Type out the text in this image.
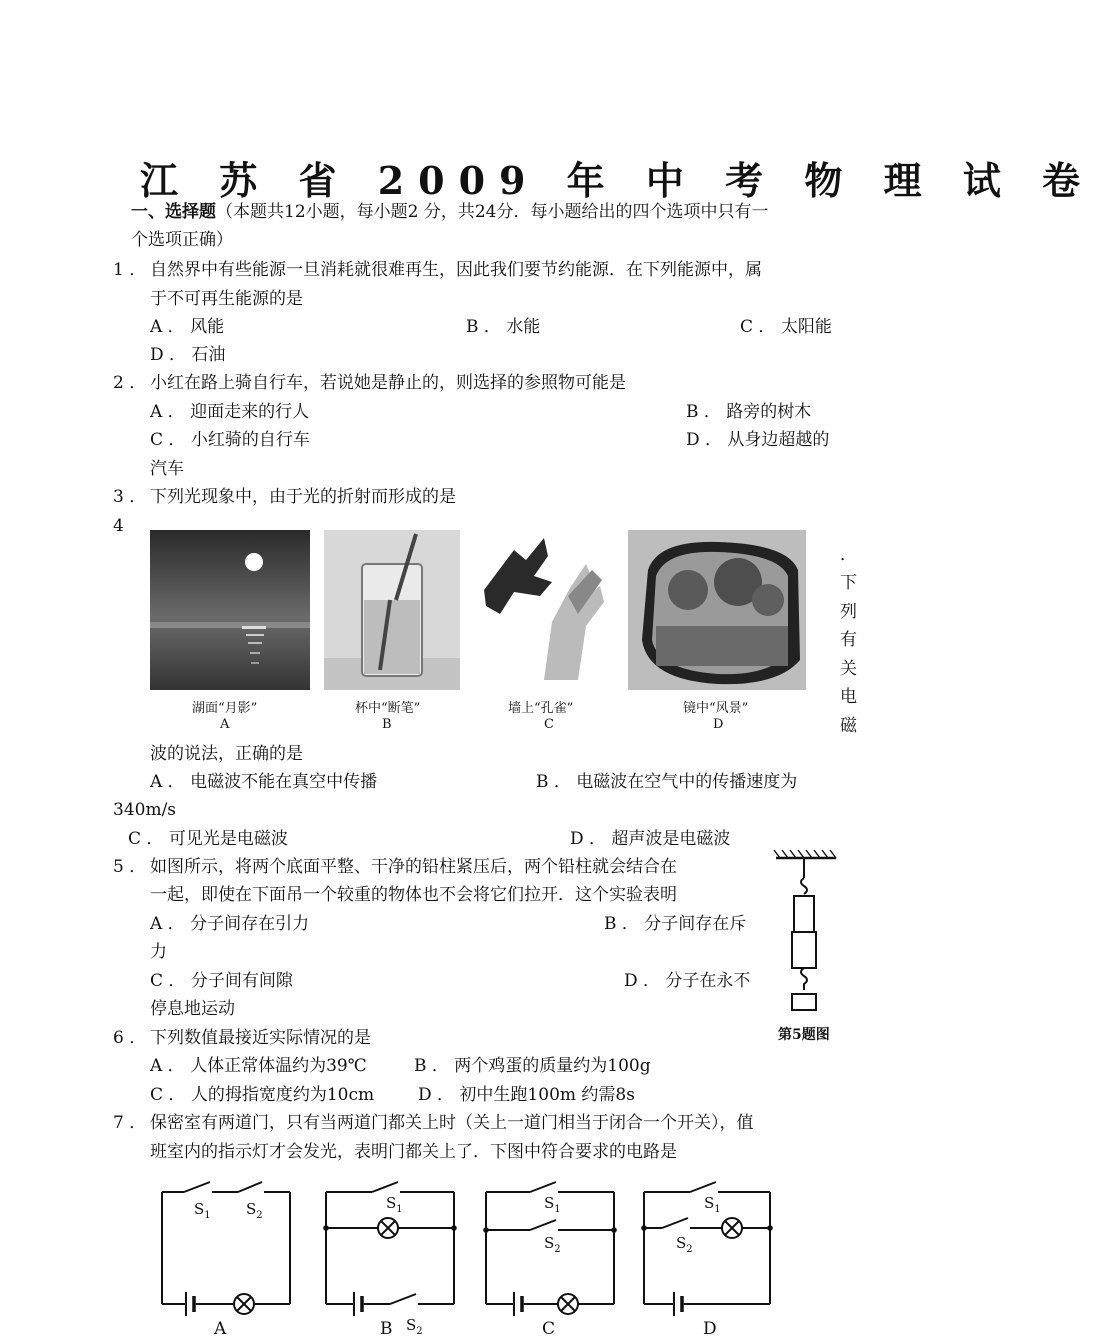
江 苏 省 2009 年 中 考 物 理 试 卷
一、选择题（本题共12小题，每小题2 分，共24分．每小题给出的四个选项中只有一
个选项正确）
1 ． 自然界中有些能源一旦消耗就很难再生，因此我们要节约能源．在下列能源中，属
于不可再生能源的是
A ． 风能	B ． 水能	C ． 太阳能
D ． 石油
2 ． 小红在路上骑自行车，若说她是静止的，则选择的参照物可能是
A ． 迎面走来的行人	B ． 路旁的树木
C ． 小红骑的自行车	D ． 从身边超越的
汽车
3 ． 下列光现象中，由于光的折射而形成的是
湖面“月影”	杯中“断笔”	墙上“孔雀”	镜中“风景”
A	B	C	D
4
．
下
列
有
关
电
磁
波的说法，正确的是
A ． 电磁波不能在真空中传播	B ． 电磁波在空气中的传播速度为
340m/s
C ． 可见光是电磁波	D ． 超声波是电磁波
5 ． 如图所示，将两个底面平整、干净的铅柱紧压后，两个铅柱就会结合在
一起，即使在下面吊一个较重的物体也不会将它们拉开．这个实验表明
A ． 分子间存在引力	B ． 分子间存在斥
力
C ． 分子间有间隙	D ． 分子在永不
停息地运动
第5题图
6 ． 下列数值最接近实际情况的是
A ． 人体正常体温约为39℃	B ． 两个鸡蛋的质量约为100g
C ． 人的拇指宽度约为10cm	D ． 初中生跑100m 约需8s
7 ． 保密室有两道门，只有当两道门都关上时（关上一道门相当于闭合一个开关），值
班室内的指示灯才会发光，表明门都关上了．下图中符合要求的电路是
$S_1$ $S_2$
$S_1$
$S_2$
$S_1$
$S_2$
$S_1$
$S_2$
A	B	C	D
